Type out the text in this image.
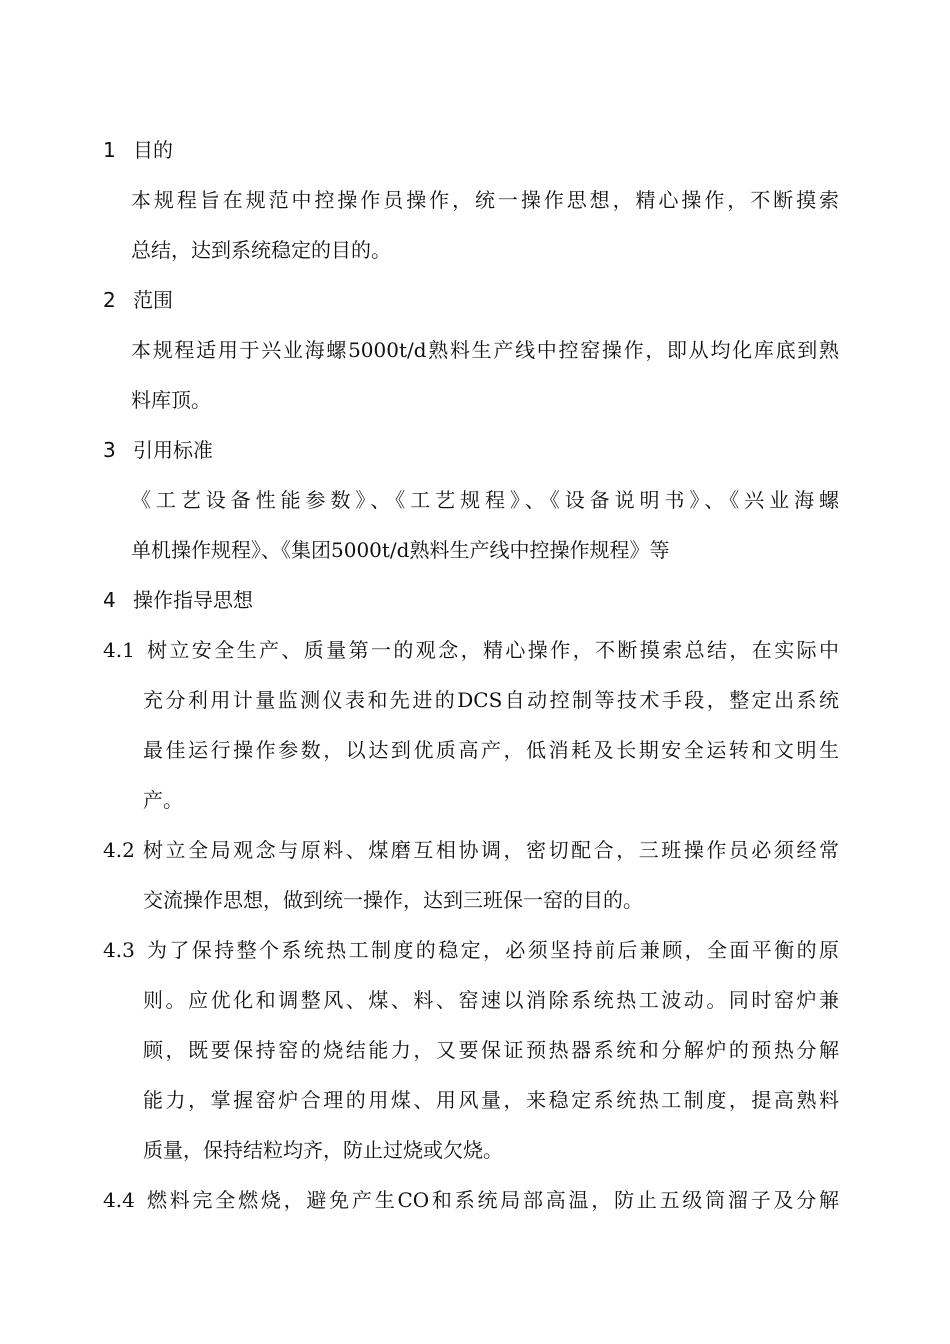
1 目的
本规程旨在规范中控操作员操作，统一操作思想，精心操作，不断摸索
总结，达到系统稳定的目的。
2 范围
本规程适用于兴业海螺5000t/d熟料生产线中控窑操作，即从均化库底到熟
料库顶。
3 引用标准
《工艺设备性能参数》、《工艺规程》、《设备说明书》、《兴业海螺
单机操作规程》、《集团5000t/d熟料生产线中控操作规程》等
4 操作指导思想
4.1 树立安全生产、质量第一的观念，精心操作，不断摸索总结，在实际中
充分利用计量监测仪表和先进的DCS自动控制等技术手段，整定出系统
最佳运行操作参数，以达到优质高产，低消耗及长期安全运转和文明生
产。
4.2 树立全局观念与原料、煤磨互相协调，密切配合，三班操作员必须经常
交流操作思想，做到统一操作，达到三班保一窑的目的。
4.3 为了保持整个系统热工制度的稳定，必须坚持前后兼顾，全面平衡的原
则。应优化和调整风、煤、料、窑速以消除系统热工波动。同时窑炉兼
顾，既要保持窑的烧结能力，又要保证预热器系统和分解炉的预热分解
能力，掌握窑炉合理的用煤、用风量，来稳定系统热工制度，提高熟料
质量，保持结粒均齐，防止过烧或欠烧。
4.4 燃料完全燃烧，避免产生CO和系统局部高温，防止五级筒溜子及分解
